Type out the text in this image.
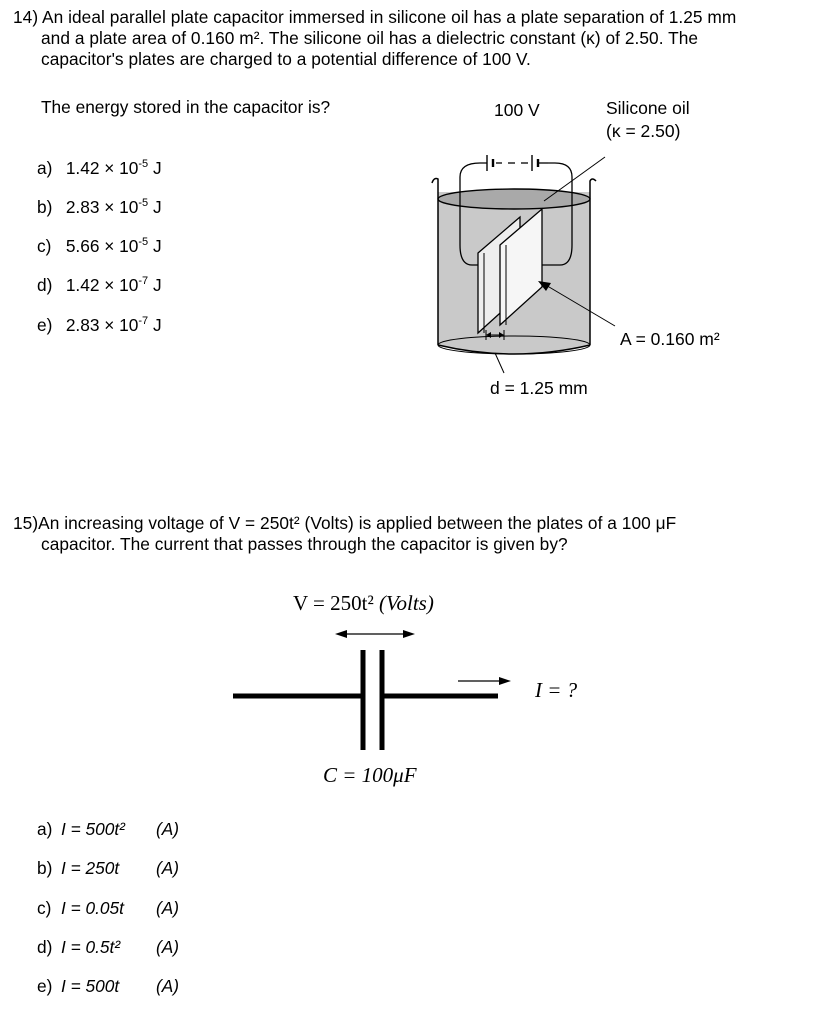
14) An ideal parallel plate capacitor immersed in silicone oil has a plate separation of 1.25 mm
and a plate area of 0.160 m². The silicone oil has a dielectric constant (κ) of 2.50. The
capacitor's plates are charged to a potential difference of 100 V.
The energy stored in the capacitor is?
a) $1.42 \times 10^{-5}$ J
b) $2.83 \times 10^{-5}$ J
c) $5.66 \times 10^{-5}$ J
d) $1.42 \times 10^{-7}$ J
e) $2.83 \times 10^{-7}$ J
100 V	Silicone oil
(κ = 2.50)
A = 0.160 m²
d = 1.25 mm
15)An increasing voltage of V = 250t² (Volts) is applied between the plates of a 100 μF
capacitor. The current that passes through the capacitor is given by?
V = 250t² (Volts)
I = ?
C = 100μF
a) I = 500t² (A)
b) I = 250t (A)
c) I = 0.05t (A)
d) I = 0.5t² (A)
e) I = 500t (A)
